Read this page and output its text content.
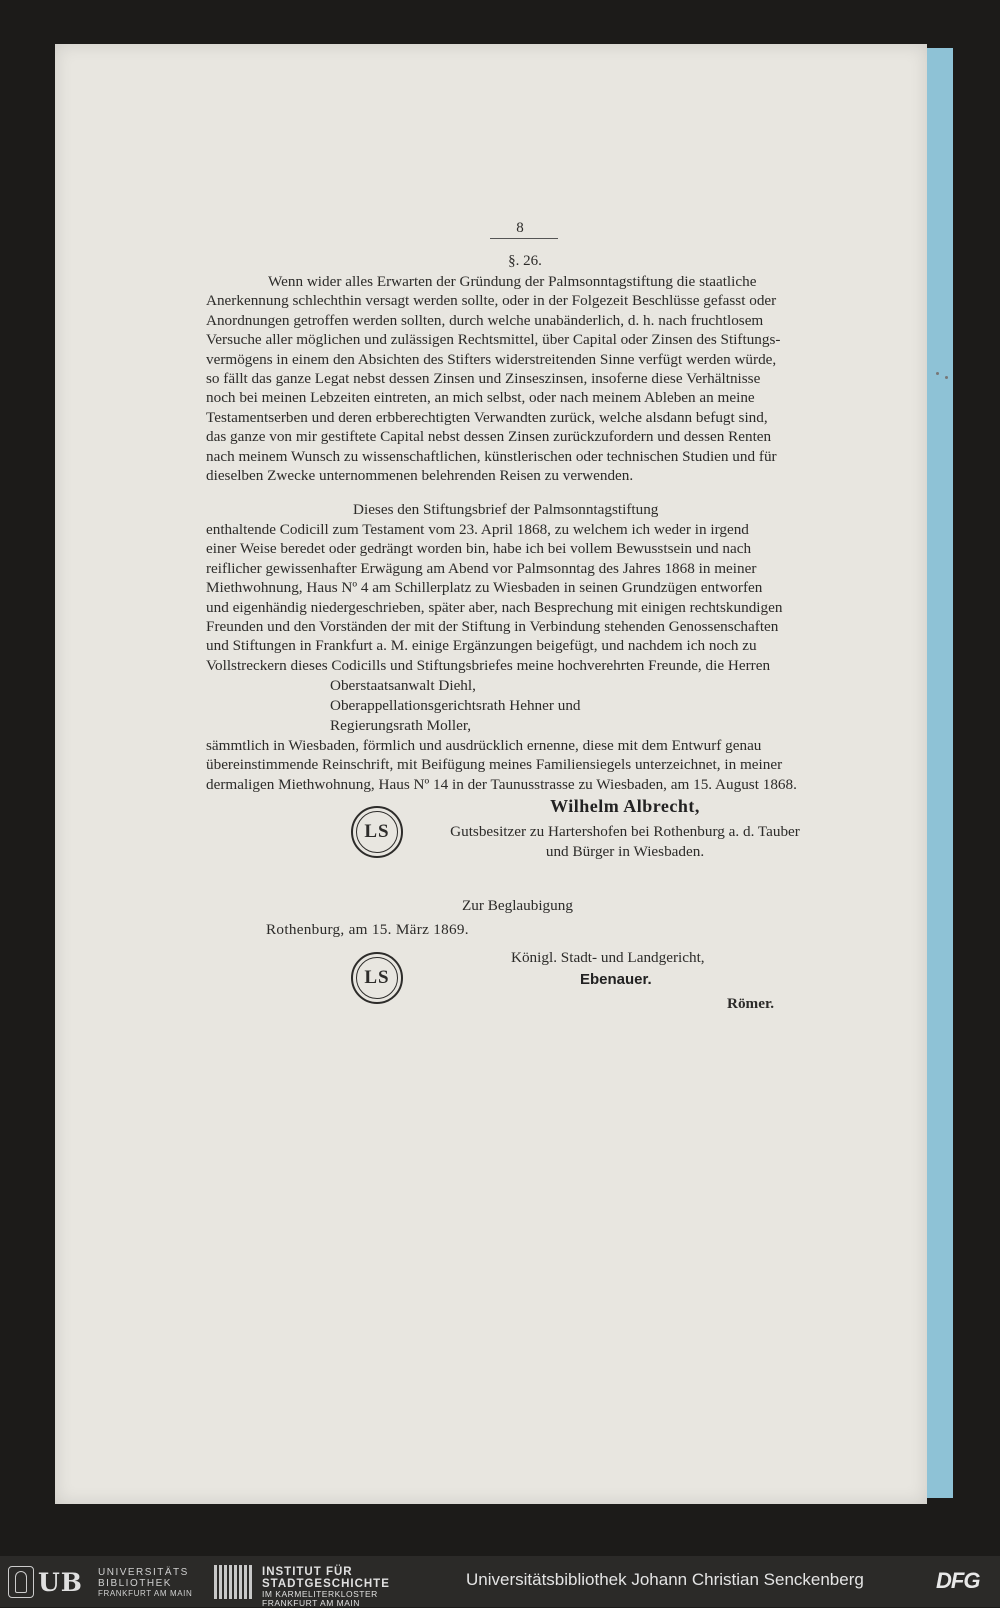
8
§. 26.
Wenn wider alles Erwarten der Gründung der Palmsonntagstiftung die staatliche
Anerkennung schlechthin versagt werden sollte, oder in der Folgezeit Beschlüsse gefasst oder
Anordnungen getroffen werden sollten, durch welche unabänderlich, d. h. nach fruchtlosem
Versuche aller möglichen und zulässigen Rechtsmittel, über Capital oder Zinsen des Stiftungs-
vermögens in einem den Absichten des Stifters widerstreitenden Sinne verfügt werden würde,
so fällt das ganze Legat nebst dessen Zinsen und Zinseszinsen, insoferne diese Verhältnisse
noch bei meinen Lebzeiten eintreten, an mich selbst, oder nach meinem Ableben an meine
Testamentserben und deren erbberechtigten Verwandten zurück, welche alsdann befugt sind,
das ganze von mir gestiftete Capital nebst dessen Zinsen zurückzufordern und dessen Renten
nach meinem Wunsch zu wissenschaftlichen, künstlerischen oder technischen Studien und für
dieselben Zwecke unternommenen belehrenden Reisen zu verwenden.
Dieses den Stiftungsbrief der Palmsonntagstiftung
enthaltende Codicill zum Testament vom 23. April 1868, zu welchem ich weder in irgend
einer Weise beredet oder gedrängt worden bin, habe ich bei vollem Bewusstsein und nach
reiflicher gewissenhafter Erwägung am Abend vor Palmsonntag des Jahres 1868 in meiner
Miethwohnung, Haus Nº 4 am Schillerplatz zu Wiesbaden in seinen Grundzügen entworfen
und eigenhändig niedergeschrieben, später aber, nach Besprechung mit einigen rechtskundigen
Freunden und den Vorständen der mit der Stiftung in Verbindung stehenden Genossenschaften
und Stiftungen in Frankfurt a. M. einige Ergänzungen beigefügt, und nachdem ich noch zu
Vollstreckern dieses Codicills und Stiftungsbriefes meine hochverehrten Freunde, die Herren
Oberstaatsanwalt Diehl,
Oberappellationsgerichtsrath Hehner und
Regierungsrath Moller,
sämmtlich in Wiesbaden, förmlich und ausdrücklich ernenne, diese mit dem Entwurf genau
übereinstimmende Reinschrift, mit Beifügung meines Familiensiegels unterzeichnet, in meiner
dermaligen Miethwohnung, Haus Nº 14 in der Taunusstrasse zu Wiesbaden, am 15. August 1868.
LS
Wilhelm Albrecht,
Gutsbesitzer zu Hartershofen bei Rothenburg a. d. Tauber
und Bürger in Wiesbaden.
Zur Beglaubigung
Rothenburg, am 15. März 1869.
LS
Königl. Stadt- und Landgericht,
Ebenauer.
Römer.
UB UNIVERSITÄTS
BIBLIOTHEK
FRANKFURT AM MAIN
INSTITUT FÜR
STADTGESCHICHTE
IM KARMELITERKLOSTER
FRANKFURT AM MAIN
Universitätsbibliothek Johann Christian Senckenberg	DFG
